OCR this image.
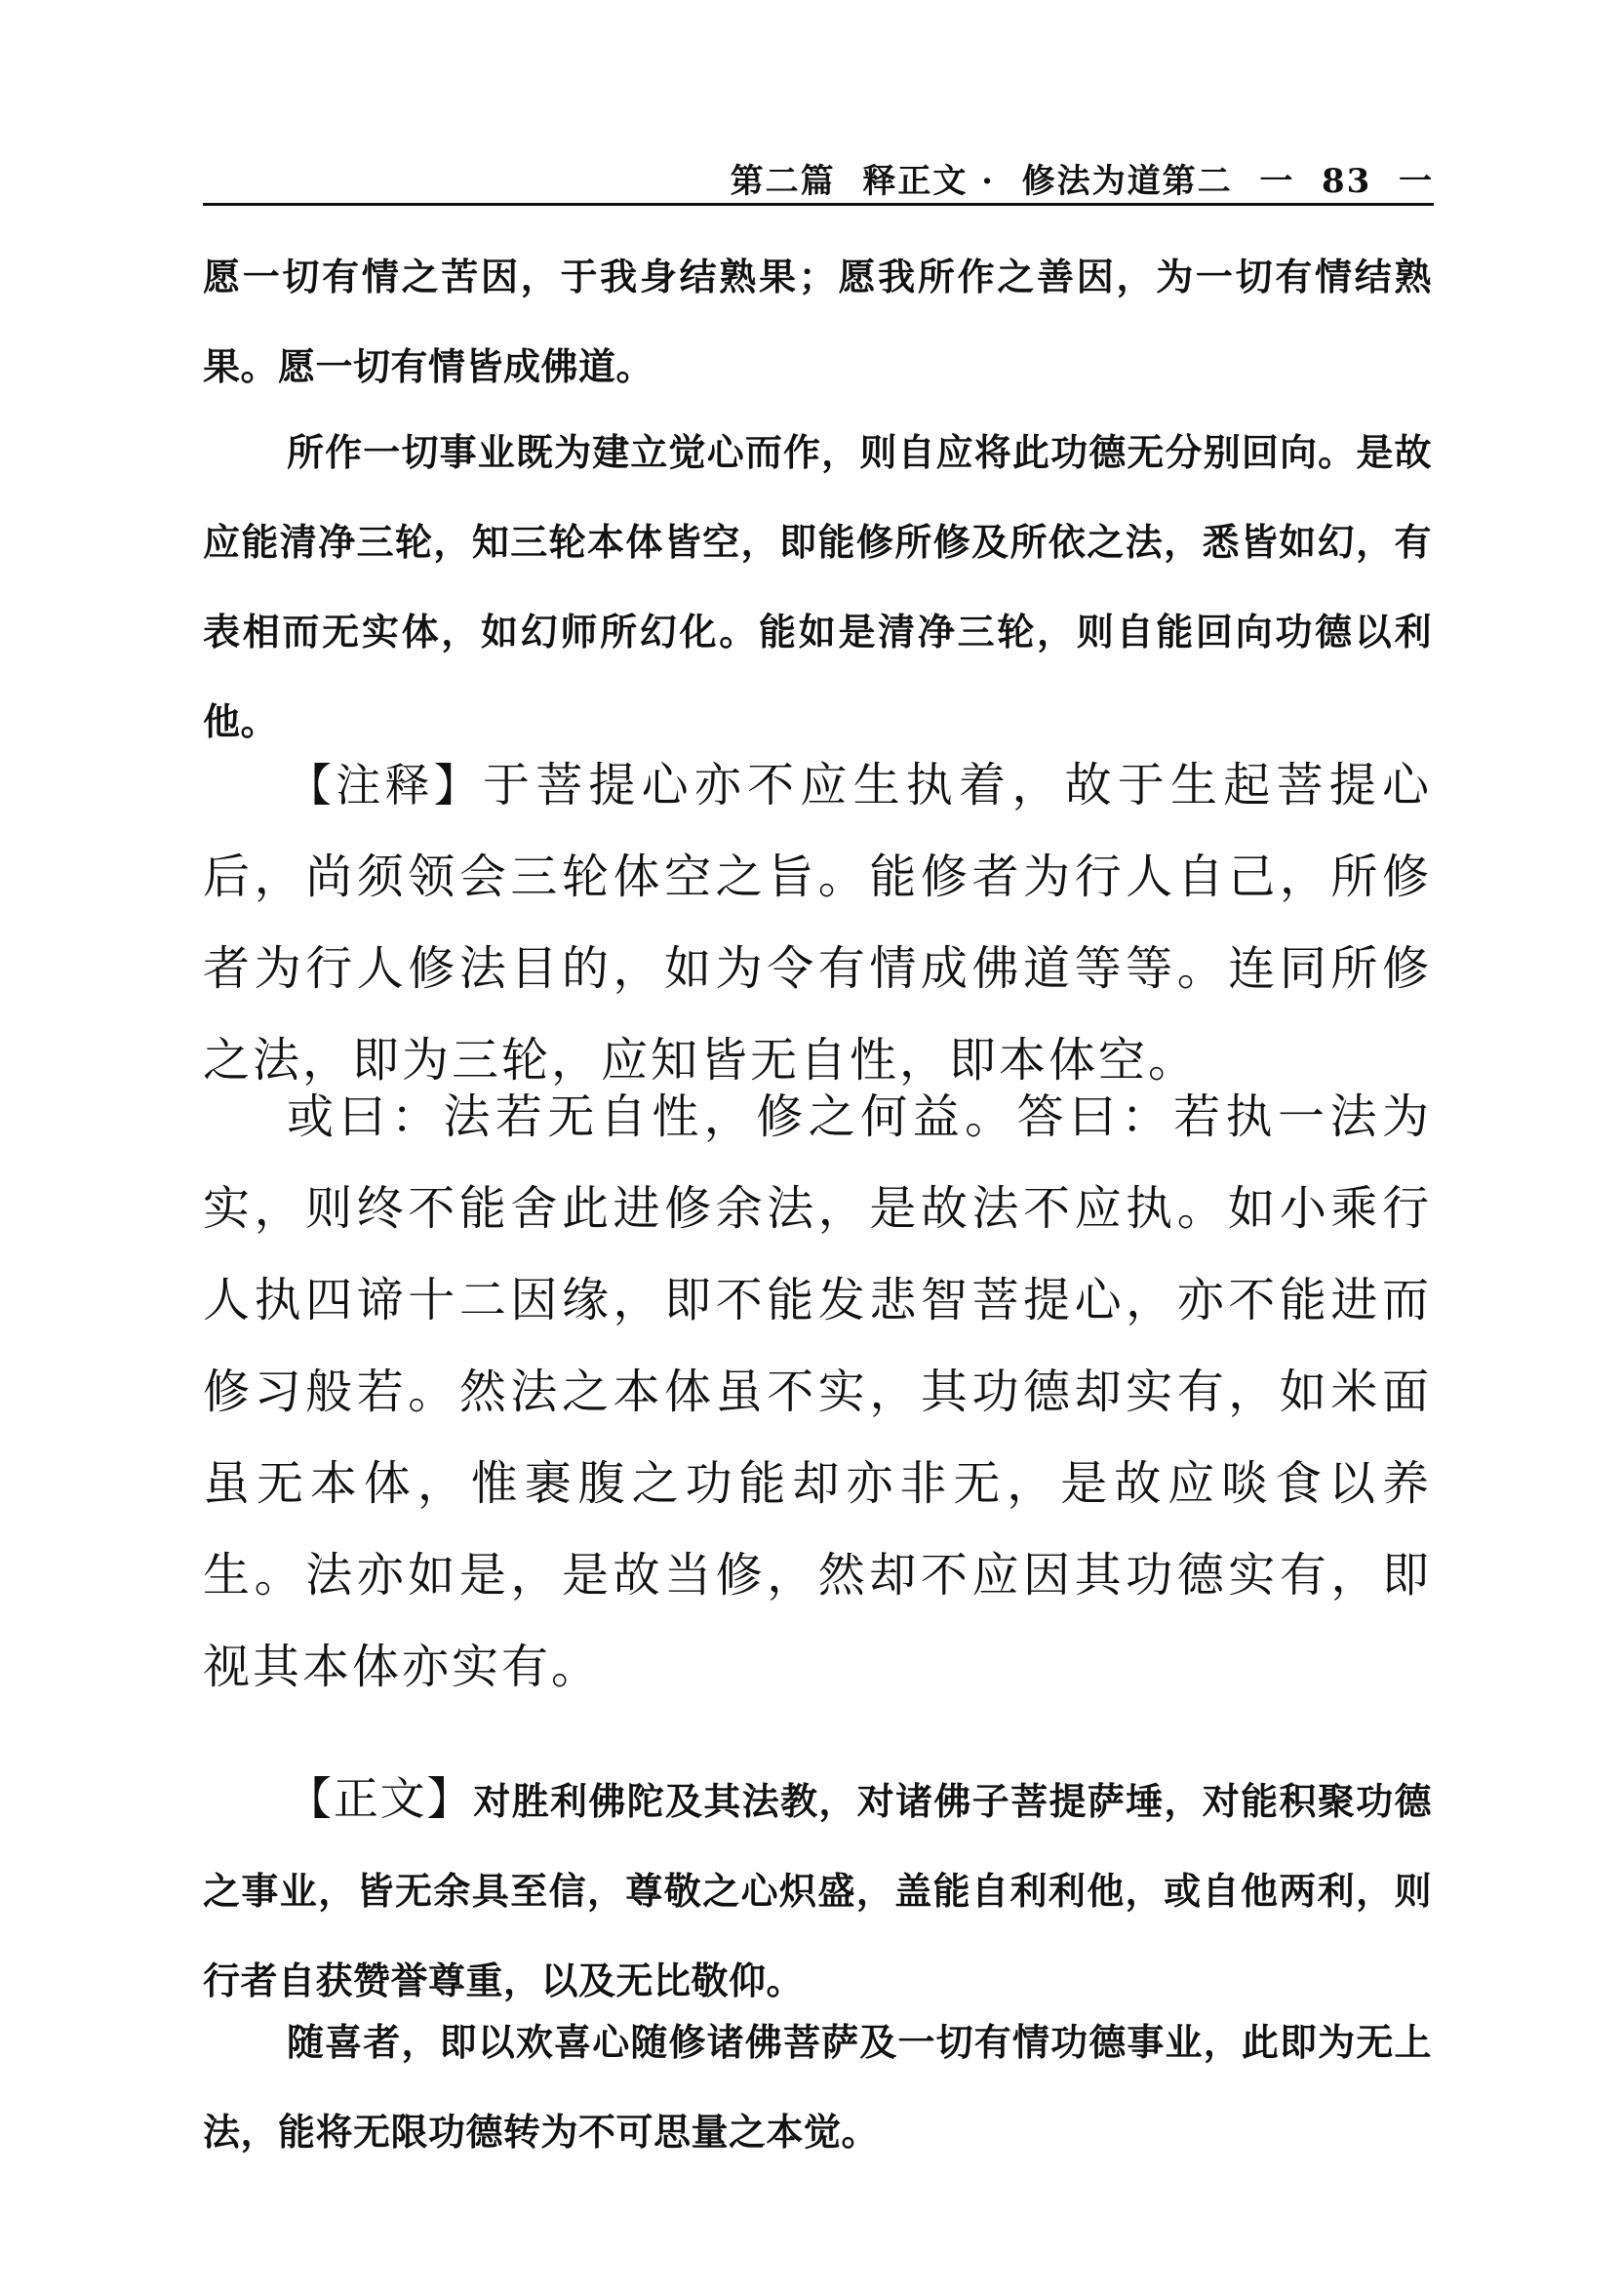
第二篇  释正文 ·  修法为道第二  一  83  一

愿一切有情之苦因，于我身结熟果；愿我所作之善因，为一切有情结熟果。愿一切有情皆成佛道。

所作一切事业既为建立觉心而作，则自应将此功德无分别回向。是故应能清净三轮，知三轮本体皆空，即能修所修及所依之法，悉皆如幻，有表相而无实体，如幻师所幻化。能如是清净三轮，则自能回向功德以利他。

【注释】于菩提心亦不应生执着，故于生起菩提心后，尚须领会三轮体空之旨。能修者为行人自己，所修者为行人修法目的，如为令有情成佛道等等。连同所修之法，即为三轮，应知皆无自性，即本体空。

或曰：法若无自性，修之何益。答曰：若执一法为实，则终不能舍此进修余法，是故法不应执。如小乘行人执四谛十二因缘，即不能发悲智菩提心，亦不能进而修习般若。然法之本体虽不实，其功德却实有，如米面虽无本体，惟裹腹之功能却亦非无，是故应啖食以养生。法亦如是，是故当修，然却不应因其功德实有，即视其本体亦实有。

【正文】对胜利佛陀及其法教，对诸佛子菩提萨埵，对能积聚功德之事业，皆无余具至信，尊敬之心炽盛，盖能自利利他，或自他两利，则行者自获赞誉尊重，以及无比敬仰。

随喜者，即以欢喜心随修诸佛菩萨及一切有情功德事业，此即为无上法，能将无限功德转为不可思量之本觉。
